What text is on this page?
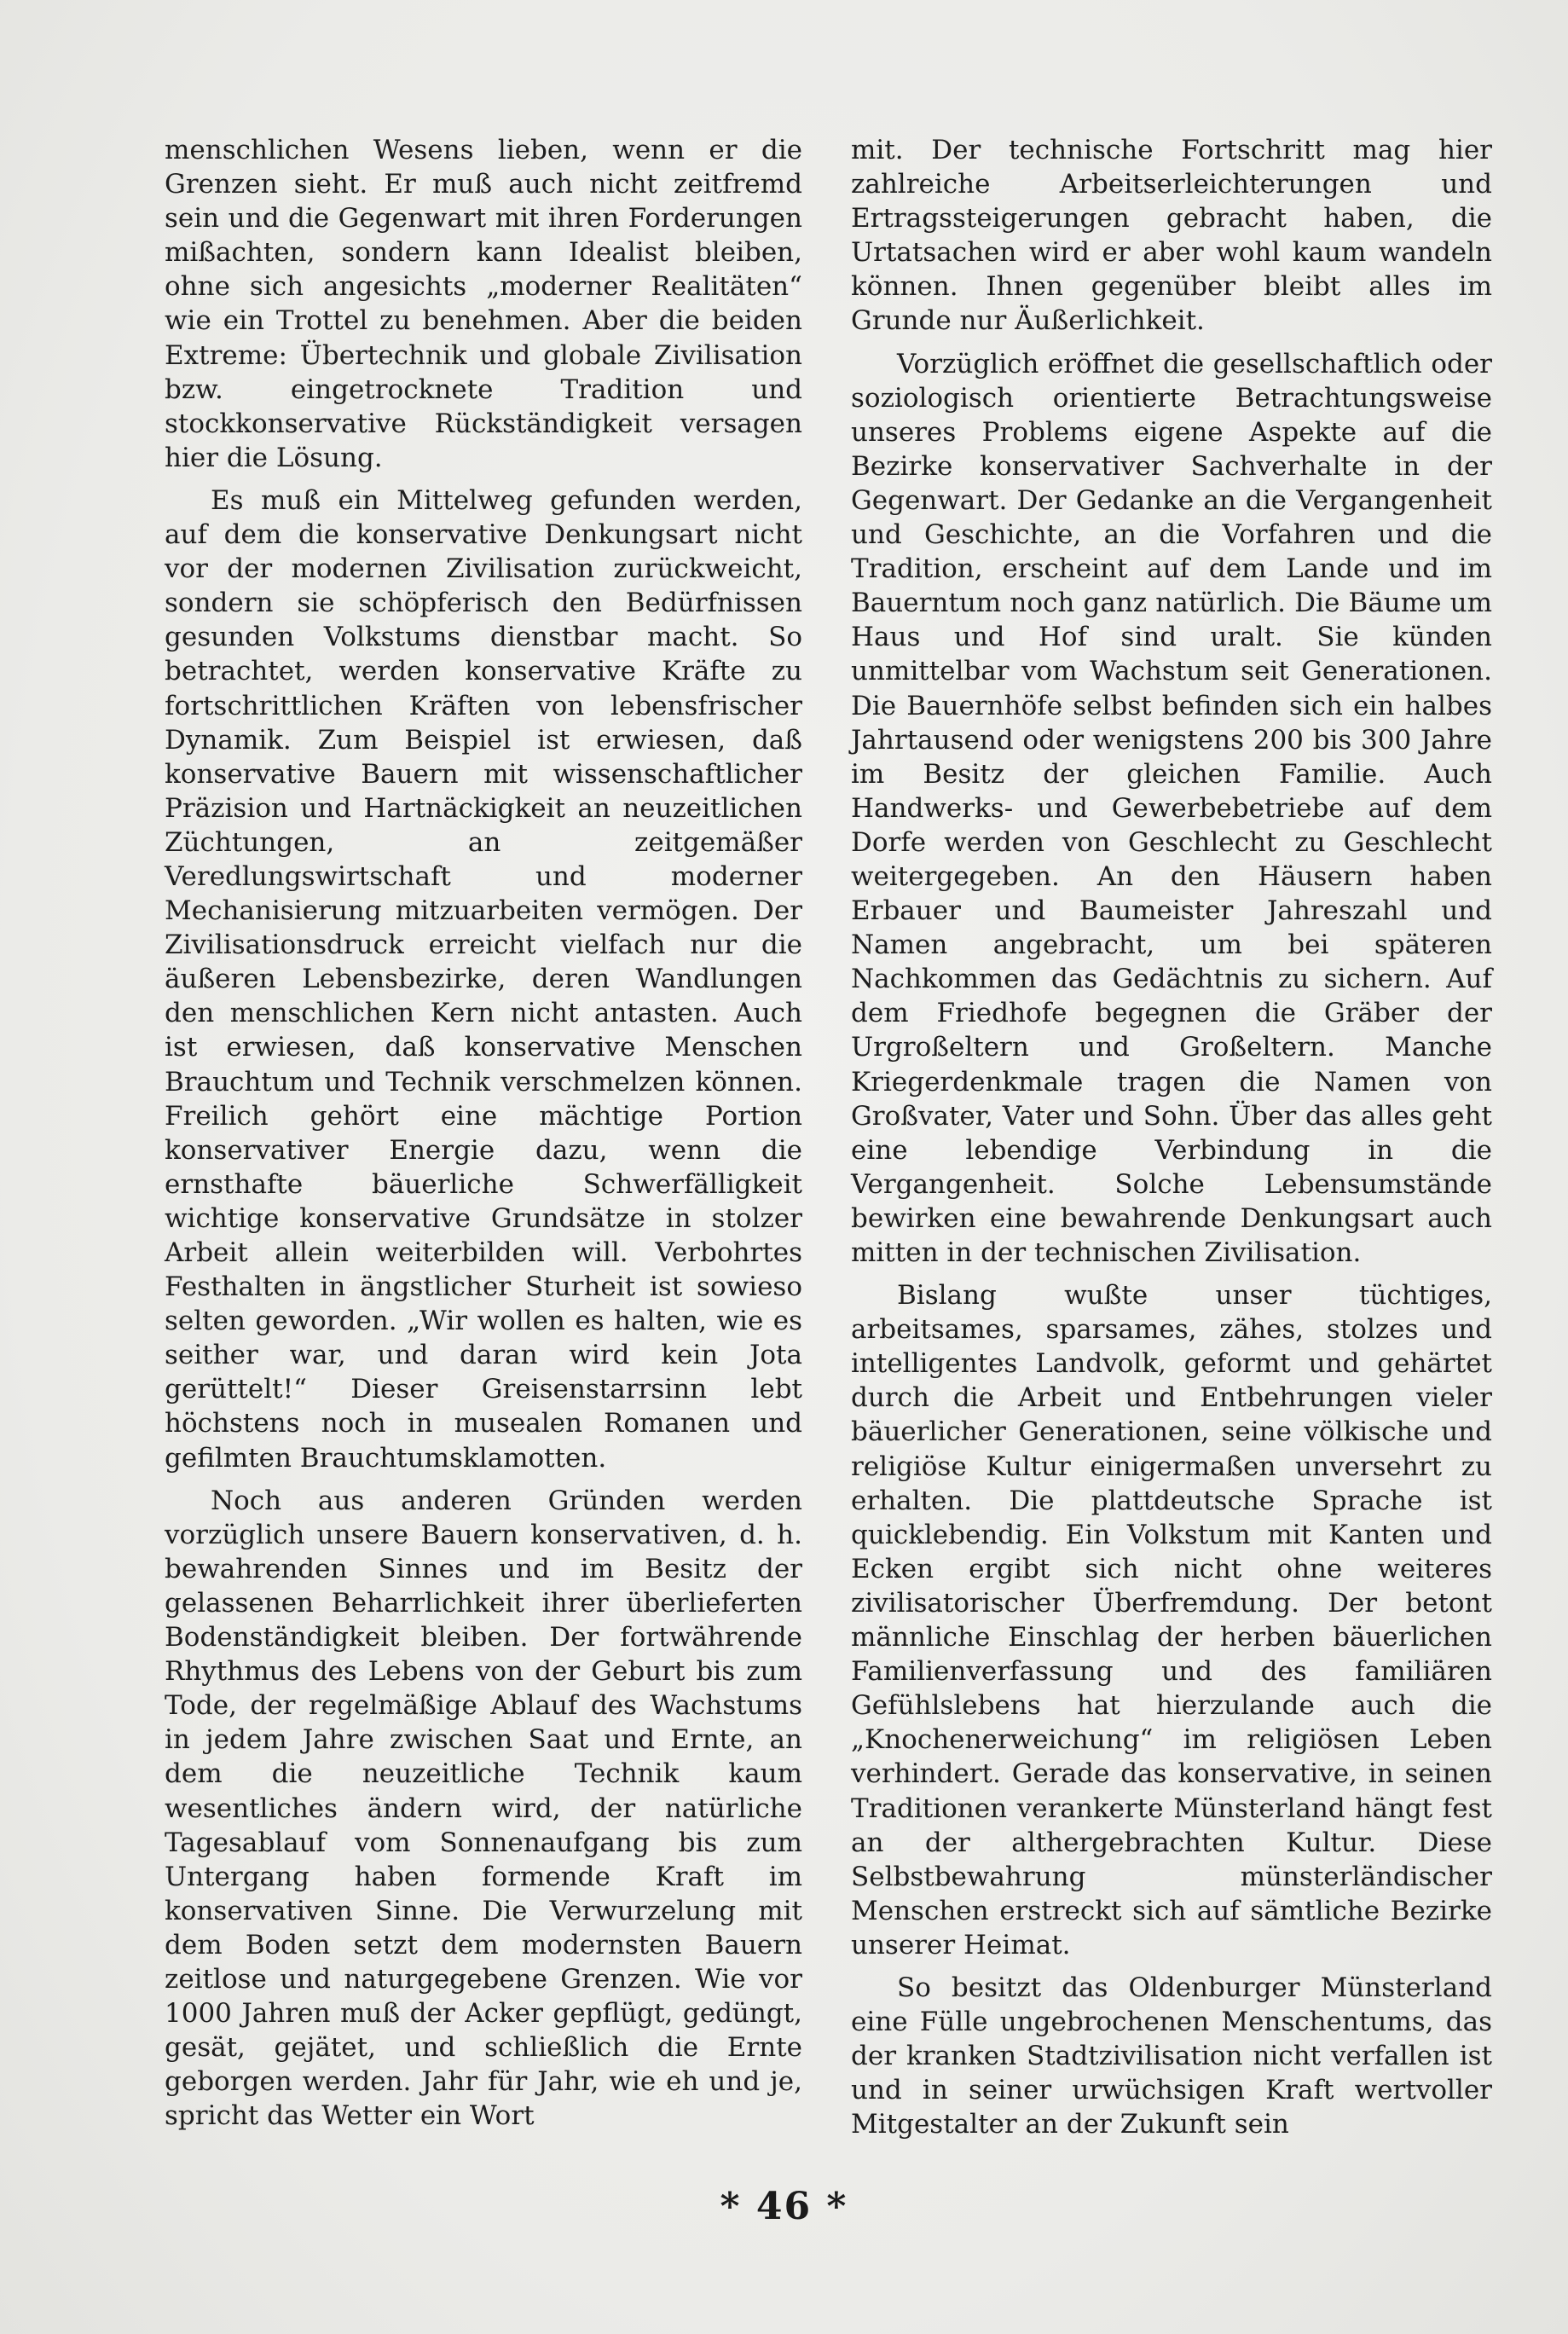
menschlichen Wesens lieben, wenn er die Grenzen sieht. Er muß auch nicht zeitfremd sein und die Gegenwart mit ihren Forderungen mißachten, sondern kann Idealist bleiben, ohne sich angesichts „moderner Realitäten“ wie ein Trottel zu benehmen. Aber die beiden Extreme: Übertechnik und globale Zivilisation bzw. eingetrocknete Tradition und stockkonservative Rückständigkeit versagen hier die Lösung.

Es muß ein Mittelweg gefunden werden, auf dem die konservative Denkungsart nicht vor der modernen Zivilisation zurückweicht, sondern sie schöpferisch den Bedürfnissen gesunden Volkstums dienstbar macht. So betrachtet, werden konservative Kräfte zu fortschrittlichen Kräften von lebensfrischer Dynamik. Zum Beispiel ist erwiesen, daß konservative Bauern mit wissenschaftlicher Präzision und Hartnäckigkeit an neuzeitlichen Züchtungen, an zeitgemäßer Veredlungswirtschaft und moderner Mechanisierung mitzuarbeiten vermögen. Der Zivilisationsdruck erreicht vielfach nur die äußeren Lebensbezirke, deren Wandlungen den menschlichen Kern nicht antasten. Auch ist erwiesen, daß konservative Menschen Brauchtum und Technik verschmelzen können. Freilich gehört eine mächtige Portion konservativer Energie dazu, wenn die ernsthafte bäuerliche Schwerfälligkeit wichtige konservative Grundsätze in stolzer Arbeit allein weiterbilden will. Verbohrtes Festhalten in ängstlicher Sturheit ist sowieso selten geworden. „Wir wollen es halten, wie es seither war, und daran wird kein Jota gerüttelt!“ Dieser Greisenstarrsinn lebt höchstens noch in musealen Romanen und gefilmten Brauchtumsklamotten.

Noch aus anderen Gründen werden vorzüglich unsere Bauern konservativen, d. h. bewahrenden Sinnes und im Besitz der gelassenen Beharrlichkeit ihrer überlieferten Bodenständigkeit bleiben. Der fortwährende Rhythmus des Lebens von der Geburt bis zum Tode, der regelmäßige Ablauf des Wachstums in jedem Jahre zwischen Saat und Ernte, an dem die neuzeitliche Technik kaum wesentliches ändern wird, der natürliche Tagesablauf vom Sonnenaufgang bis zum Untergang haben formende Kraft im konservativen Sinne. Die Verwurzelung mit dem Boden setzt dem modernsten Bauern zeitlose und naturgegebene Grenzen. Wie vor 1000 Jahren muß der Acker gepflügt, gedüngt, gesät, gejätet, und schließlich die Ernte geborgen werden. Jahr für Jahr, wie eh und je, spricht das Wetter ein Wort

mit. Der technische Fortschritt mag hier zahlreiche Arbeitserleichterungen und Ertragssteigerungen gebracht haben, die Urtatsachen wird er aber wohl kaum wandeln können. Ihnen gegenüber bleibt alles im Grunde nur Äußerlichkeit.

Vorzüglich eröffnet die gesellschaftlich oder soziologisch orientierte Betrachtungsweise unseres Problems eigene Aspekte auf die Bezirke konservativer Sachverhalte in der Gegenwart. Der Gedanke an die Vergangenheit und Geschichte, an die Vorfahren und die Tradition, erscheint auf dem Lande und im Bauerntum noch ganz natürlich. Die Bäume um Haus und Hof sind uralt. Sie künden unmittelbar vom Wachstum seit Generationen. Die Bauernhöfe selbst befinden sich ein halbes Jahrtausend oder wenigstens 200 bis 300 Jahre im Besitz der gleichen Familie. Auch Handwerks- und Gewerbebetriebe auf dem Dorfe werden von Geschlecht zu Geschlecht weitergegeben. An den Häusern haben Erbauer und Baumeister Jahreszahl und Namen angebracht, um bei späteren Nachkommen das Gedächtnis zu sichern. Auf dem Friedhofe begegnen die Gräber der Urgroßeltern und Großeltern. Manche Kriegerdenkmale tragen die Namen von Großvater, Vater und Sohn. Über das alles geht eine lebendige Verbindung in die Vergangenheit. Solche Lebensumstände bewirken eine bewahrende Denkungsart auch mitten in der technischen Zivilisation.

Bislang wußte unser tüchtiges, arbeitsames, sparsames, zähes, stolzes und intelligentes Landvolk, geformt und gehärtet durch die Arbeit und Entbehrungen vieler bäuerlicher Generationen, seine völkische und religiöse Kultur einigermaßen unversehrt zu erhalten. Die plattdeutsche Sprache ist quicklebendig. Ein Volkstum mit Kanten und Ecken ergibt sich nicht ohne weiteres zivilisatorischer Überfremdung. Der betont männliche Einschlag der herben bäuerlichen Familienverfassung und des familiären Gefühlslebens hat hierzulande auch die „Knochenerweichung“ im religiösen Leben verhindert. Gerade das konservative, in seinen Traditionen verankerte Münsterland hängt fest an der althergebrachten Kultur. Diese Selbstbewahrung münsterländischer Menschen erstreckt sich auf sämtliche Bezirke unserer Heimat.

So besitzt das Oldenburger Münsterland eine Fülle ungebrochenen Menschentums, das der kranken Stadtzivilisation nicht verfallen ist und in seiner urwüchsigen Kraft wertvoller Mitgestalter an der Zukunft sein

* 46 *
